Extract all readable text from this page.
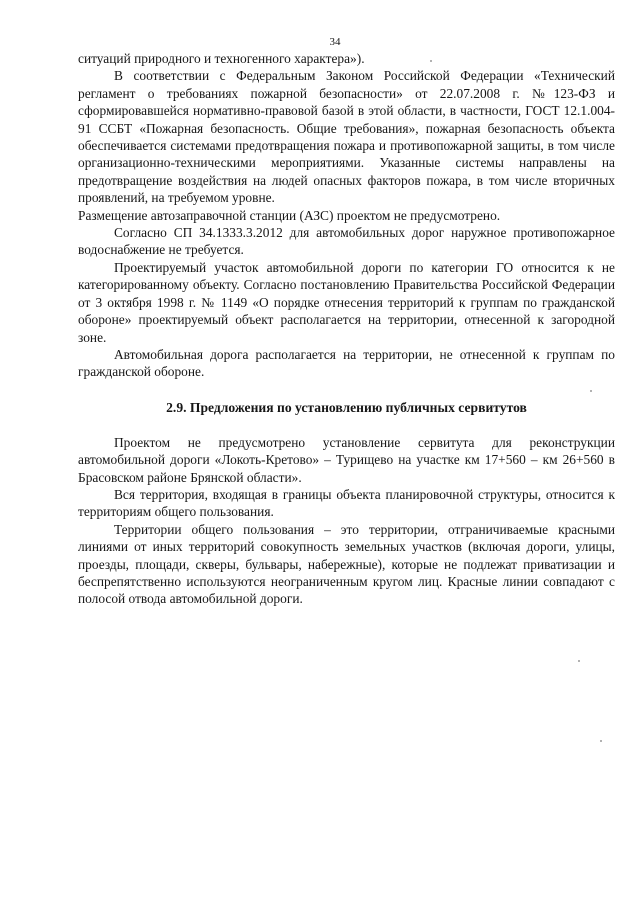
34

ситуаций природного и техногенного характера»).

В соответствии с Федеральным Законом Российской Федерации «Технический регламент о требованиях пожарной безопасности» от 22.07.2008 г. №123-ФЗ и сформировавшейся нормативно-правовой базой в этой области, в частности, ГОСТ 12.1.004-91 ССБТ «Пожарная безопасность. Общие требования», пожарная безопасность объекта обеспечивается системами предотвращения пожара и противопожарной защиты, в том числе организационно-техническими мероприятиями. Указанные системы направлены на предотвращение воздействия на людей опасных факторов пожара, в том числе вторичных проявлений, на требуемом уровне.

Размещение автозаправочной станции (АЗС) проектом не предусмотрено.

Согласно СП 34.1333.3.2012 для автомобильных дорог наружное противопожарное водоснабжение не требуется.

Проектируемый участок автомобильной дороги по категории ГО относится к не категорированному объекту. Согласно постановлению Правительства Российской Федерации от 3 октября 1998 г. № 1149 «О порядке отнесения территорий к группам по гражданской обороне» проектируемый объект располагается на территории, отнесенной к загородной зоне.

Автомобильная дорога располагается на территории, не отнесенной к группам по гражданской обороне.

2.9. Предложения по установлению публичных сервитутов

Проектом не предусмотрено установление сервитута для реконструкции автомобильной дороги «Локоть-Кретово» – Турищево на участке км 17+560 – км 26+560 в Брасовском районе Брянской области».

Вся территория, входящая в границы объекта планировочной структуры, относится к территориям общего пользования.

Территории общего пользования – это территории, отграничиваемые красными линиями от иных территорий совокупность земельных участков (включая дороги, улицы, проезды, площади, скверы, бульвары, набережные), которые не подлежат приватизации и беспрепятственно используются неограниченным кругом лиц. Красные линии совпадают с полосой отвода автомобильной дороги.
